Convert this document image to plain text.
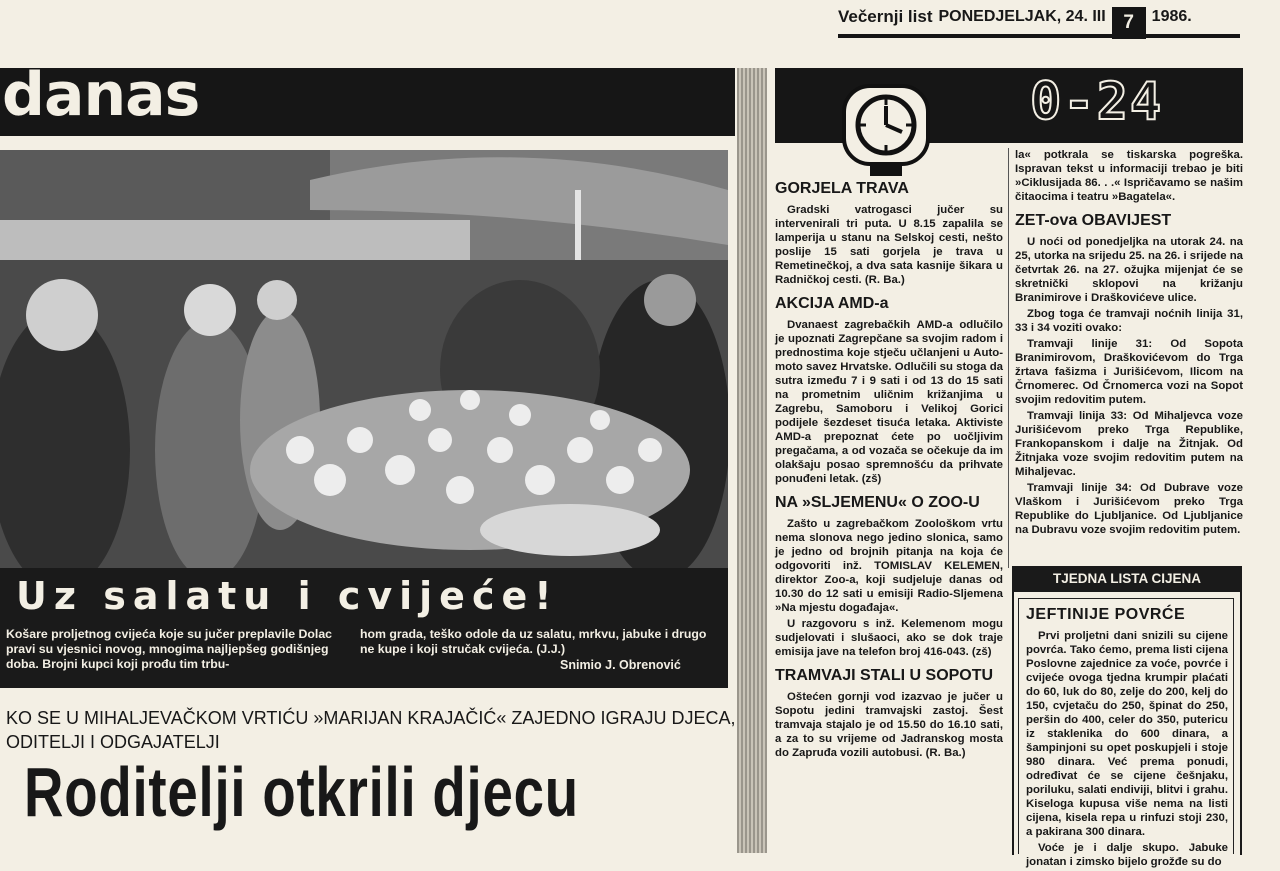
Večernji list PONEDJELJAK, 24. III 7	1986.
danas
Uz salatu i cvijeće!
Košare proljetnog cvijeća koje su jučer preplavile Dolac pravi su vjesnici novog, mnogima najljepšeg godišnjeg doba. Brojni kupci koji prođu tim trbu-
hom grada, teško odole da uz salatu, mrkvu, jabuke i drugo ne kupe i koji stručak cvijeća. (J.J.)
Snimio J. Obrenović
KO SE U MIHALJEVAČKOM VRTIĆU »MARIJAN KRAJAČIĆ« ZAJEDNO IGRAJU DJECA,
ODITELJI I ODGAJATELJI
Roditelji otkrili djecu
0-24
GORJELA TRAVA

Gradski vatrogasci jučer su intervenirali tri puta. U 8.15 zapalila se lamperija u stanu na Selskoj cesti, nešto poslije 15 sati gorjela je trava u Remetinečkoj, a dva sata kasnije šikara u Radničkoj cesti. (R. Ba.)

AKCIJA AMD-a

Dvanaest zagrebačkih AMD-a odlučilo je upoznati Zagrepčane sa svojim radom i prednostima koje stječu učlanjeni u Auto-moto savez Hrvatske. Odlučili su stoga da sutra između 7 i 9 sati i od 13 do 15 sati na prometnim uličnim križanjima u Zagrebu, Samoboru i Velikoj Gorici podijele šezdeset tisuća letaka. Aktiviste AMD-a prepoznat ćete po uočljivim pregačama, a od vozača se očekuje da im olakšaju posao spremnošću da prihvate ponuđeni letak. (zš)

NA »SLJEMENU« O ZOO-U

Zašto u zagrebačkom Zoološkom vrtu nema slonova nego jedino slonica, samo je jedno od brojnih pitanja na koja će odgovoriti inž. TOMISLAV KELEMEN, direktor Zoo-a, koji sudjeluje danas od 10.30 do 12 sati u emisiji Radio-Sljemena »Na mjestu događaja«.

U razgovoru s inž. Kelemenom mogu sudjelovati i slušaoci, ako se dok traje emisija jave na telefon broj 416-043. (zš)

TRAMVAJI STALI U SOPOTU

Oštećen gornji vod izazvao je jučer u Sopotu jedini tramvajski zastoj. Šest tramvaja stajalo je od 15.50 do 16.10 sati, a za to su vrijeme od Jadranskog mosta do Zapruđa vozili autobusi. (R. Ba.)

la« potkrala se tiskarska pogreška. Ispravan tekst u informaciji trebao je biti »Ciklusijada 86. . .« Ispričavamo se našim čitaocima i teatru »Bagatela«.

ZET-ova OBAVIJEST

U noći od ponedjeljka na utorak 24. na 25, utorka na srijedu 25. na 26. i srijede na četvrtak 26. na 27. ožujka mijenjat će se skretnički sklopovi na križanju Branimirove i Draškovićeve ulice.

Zbog toga će tramvaji noćnih linija 31, 33 i 34 voziti ovako:

Tramvaji linije 31: Od Sopota Branimirovom, Draškovićevom do Trga žrtava fašizma i Jurišićevom, Ilicom na Črnomerec. Od Črnomerca vozi na Sopot svojim redovitim putem.

Tramvaji linija 33: Od Mihaljevca voze Jurišićevom preko Trga Republike, Frankopanskom i dalje na Žitnjak. Od Žitnjaka voze svojim redovitim putem na Mihaljevac.

Tramvaji linije 34: Od Dubrave voze Vlaškom i Jurišićevom preko Trga Republike do Ljubljanice. Od Ljubljanice na Dubravu voze svojim redovitim putem.

TJEDNA LISTA CIJENA
JEFTINIJE POVRĆE

Prvi proljetni dani snizili su cijene povrća. Tako ćemo, prema listi cijena Poslovne zajednice za voće, povrće i cvijeće ovoga tjedna krumpir plaćati do 60, luk do 80, zelje do 200, kelj do 150, cvjetaču do 250, špinat do 250, peršin do 400, celer do 350, putericu iz staklenika do 600 dinara, a šampinjoni su opet poskupjeli i stoje 980 dinara. Već prema ponudi, određivat će se cijene češnjaku, poriluku, salati endiviji, blitvi i grahu. Kiseloga kupusa više nema na listi cijena, kisela repa u rinfuzi stoji 230, a pakirana 300 dinara.

Voće je i dalje skupo. Jabuke jonatan i zimsko bijelo grožđe su do
